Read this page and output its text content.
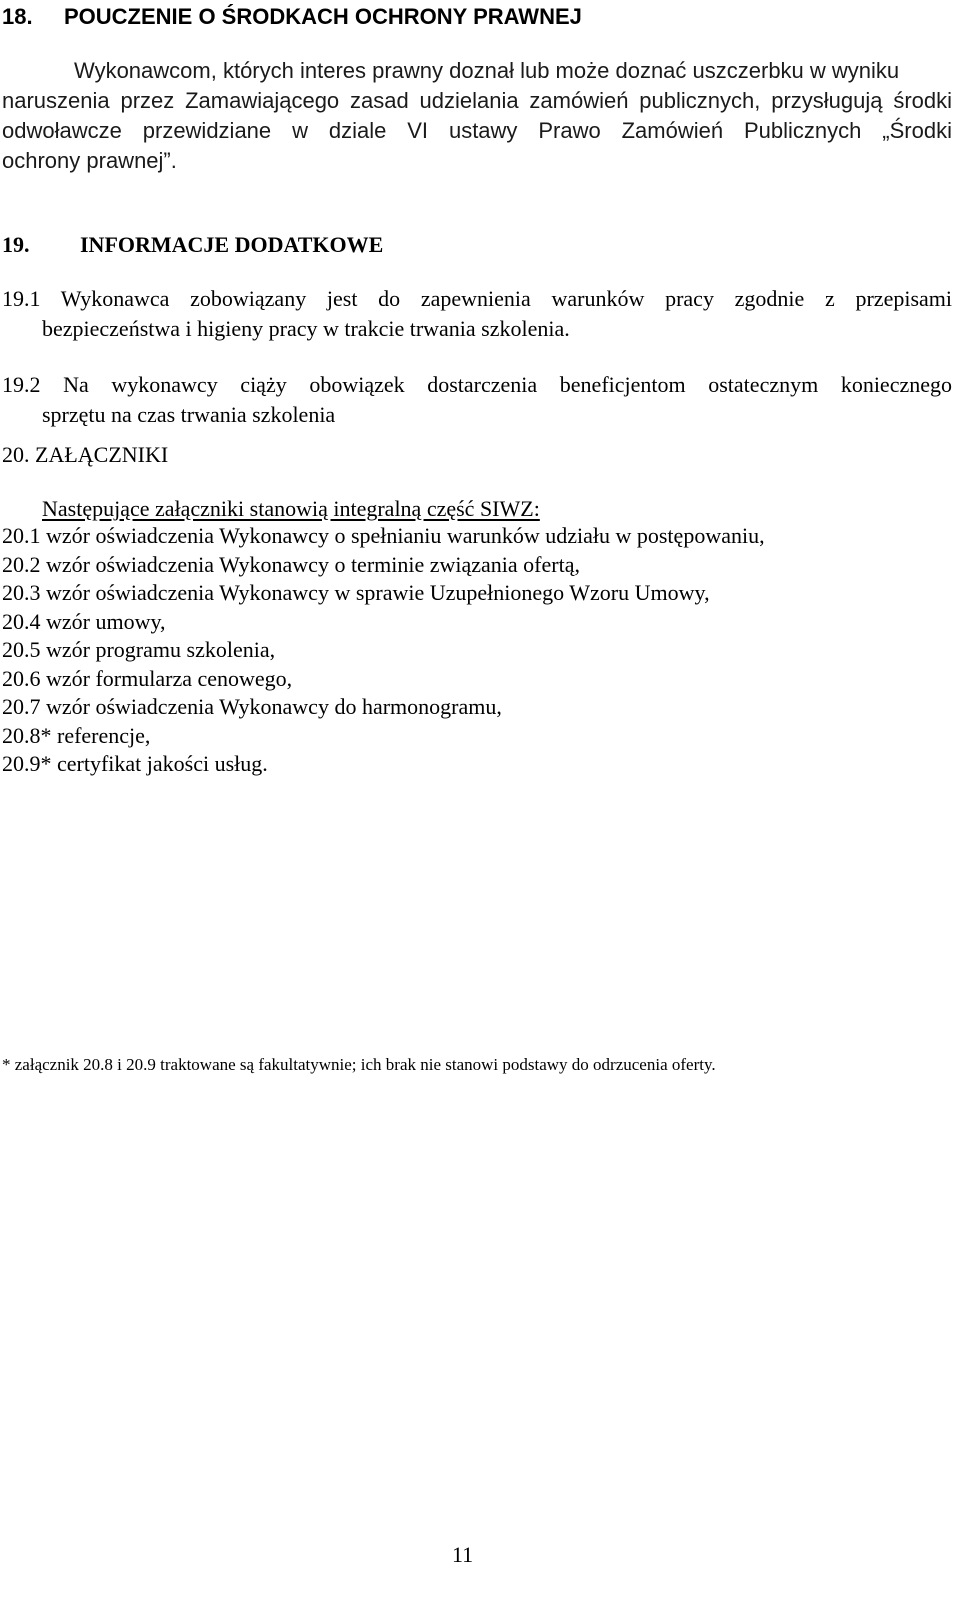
18. POUCZENIE O ŚRODKACH OCHRONY PRAWNEJ
Wykonawcom, których interes prawny doznał lub może doznać uszczerbku w wyniku
naruszenia przez Zamawiającego zasad udzielania zamówień publicznych, przysługują środki
odwoławcze przewidziane w dziale VI ustawy Prawo Zamówień Publicznych „Środki
ochrony prawnej”.
19. INFORMACJE DODATKOWE
19.1 Wykonawca zobowiązany jest do zapewnienia warunków pracy zgodnie z przepisami
bezpieczeństwa i higieny pracy w trakcie trwania szkolenia.
19.2 Na wykonawcy ciąży obowiązek dostarczenia beneficjentom ostatecznym koniecznego
sprzętu na czas trwania szkolenia
20. ZAŁĄCZNIKI
Następujące załączniki stanowią integralną część SIWZ:
20.1 wzór oświadczenia Wykonawcy o spełnianiu warunków udziału w postępowaniu,
20.2 wzór oświadczenia Wykonawcy o terminie związania ofertą,
20.3 wzór oświadczenia Wykonawcy w sprawie Uzupełnionego Wzoru Umowy,
20.4 wzór umowy,
20.5 wzór programu szkolenia,
20.6 wzór formularza cenowego,
20.7 wzór oświadczenia Wykonawcy do harmonogramu,
20.8* referencje,
20.9* certyfikat jakości usług.
* załącznik 20.8 i 20.9 traktowane są fakultatywnie; ich brak nie stanowi podstawy do odrzucenia oferty.
11
